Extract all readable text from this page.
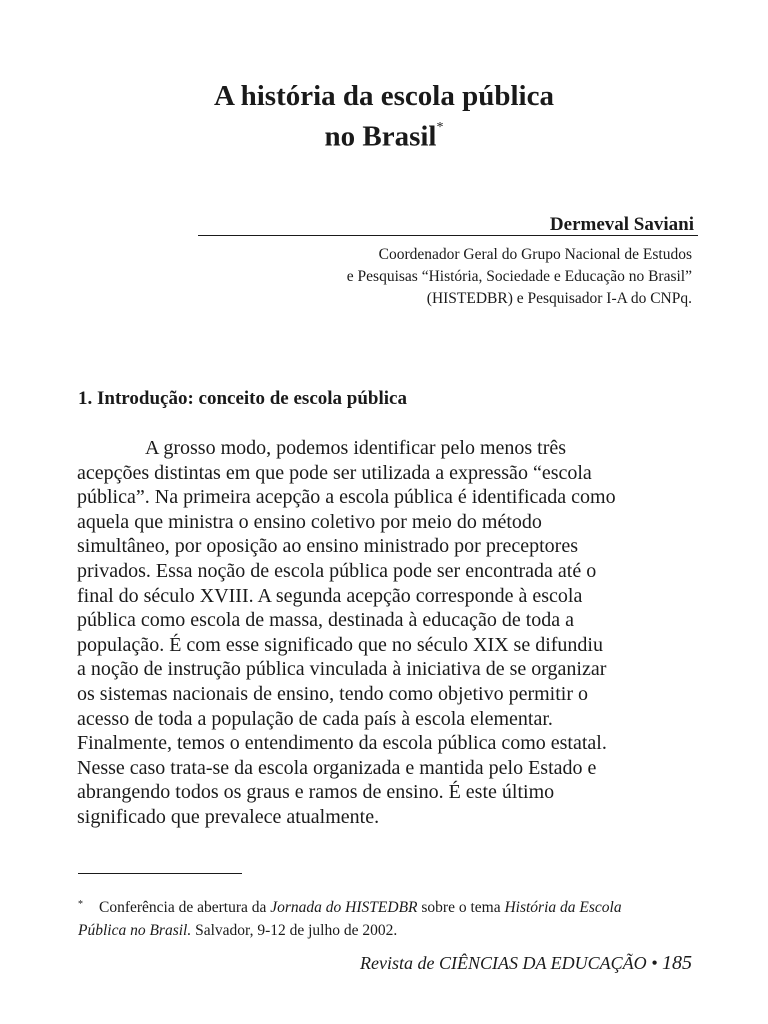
A história da escola pública
no Brasil*
Dermeval Saviani
Coordenador Geral do Grupo Nacional de Estudos
e Pesquisas “História, Sociedade e Educação no Brasil”
(HISTEDBR) e Pesquisador I-A do CNPq.
1. Introdução: conceito de escola pública
A grosso modo, podemos identificar pelo menos três
acepções distintas em que pode ser utilizada a expressão “escola
pública”. Na primeira acepção a escola pública é identificada como
aquela que ministra o ensino coletivo por meio do método
simultâneo, por oposição ao ensino ministrado por preceptores
privados. Essa noção de escola pública pode ser encontrada até o
final do século XVIII. A segunda acepção corresponde à escola
pública como escola de massa, destinada à educação de toda a
população. É com esse significado que no século XIX se difundiu
a noção de instrução pública vinculada à iniciativa de se organizar
os sistemas nacionais de ensino, tendo como objetivo permitir o
acesso de toda a população de cada país à escola elementar.
Finalmente, temos o entendimento da escola pública como estatal.
Nesse caso trata-se da escola organizada e mantida pelo Estado e
abrangendo todos os graus e ramos de ensino. É este último
significado que prevalece atualmente.
* Conferência de abertura da Jornada do HISTEDBR sobre o tema História da Escola
Pública no Brasil. Salvador, 9-12 de julho de 2002.
Revista de CIÊNCIAS DA EDUCAÇÃO • 185
